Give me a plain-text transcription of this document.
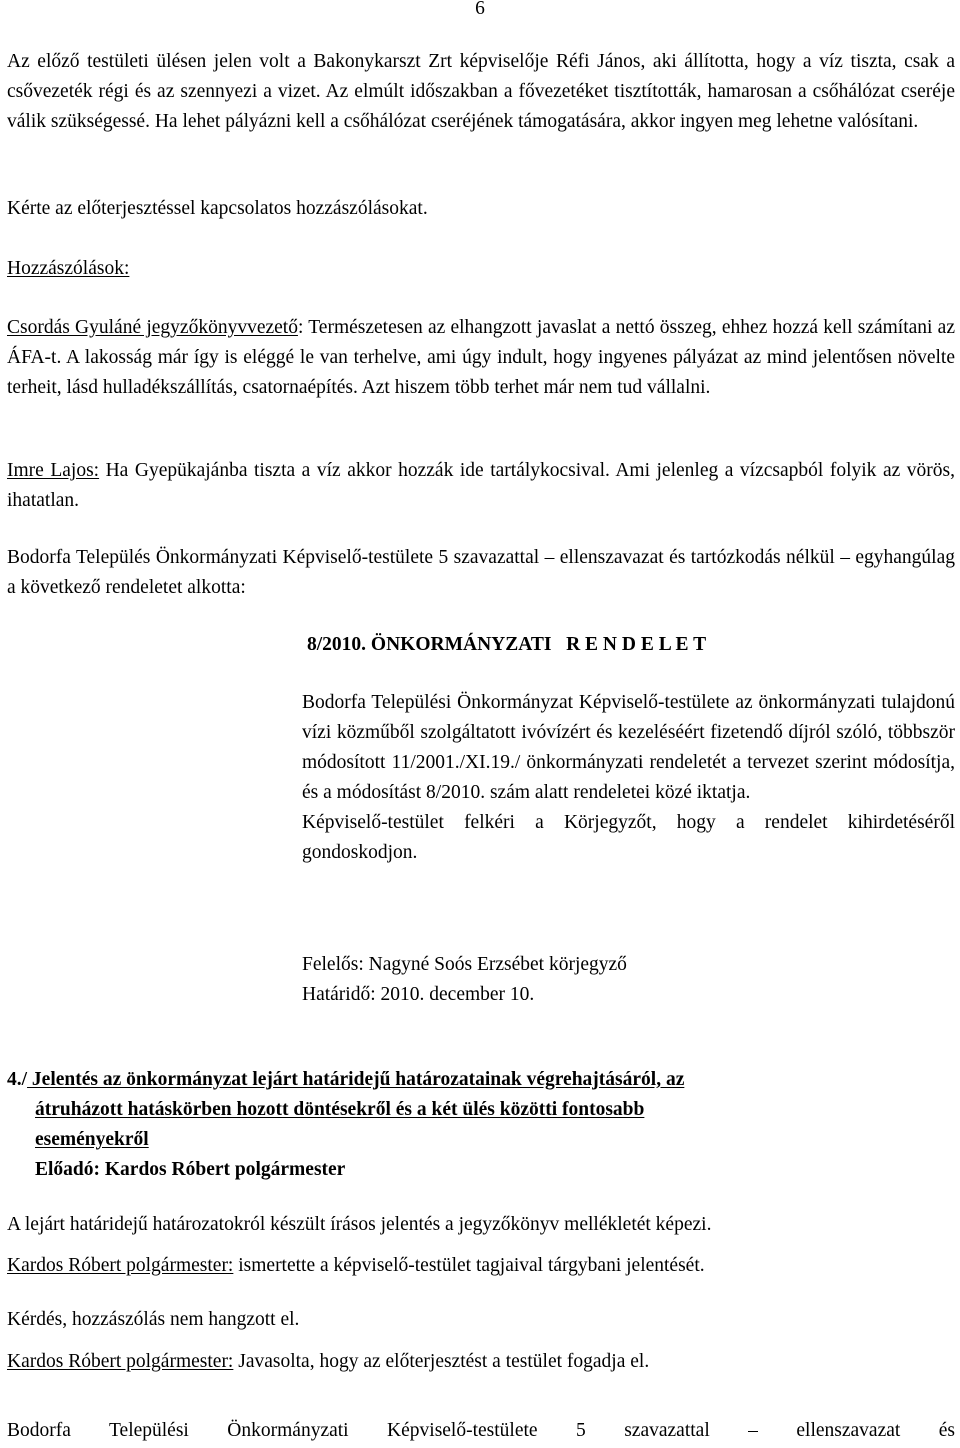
6

Az előző testületi ülésen jelen volt a Bakonykarszt Zrt képviselője Réfi János, aki állította, hogy a víz tiszta, csak a csővezeték régi és az szennyezi a vizet. Az elmúlt időszakban a fővezetéket tisztították, hamarosan a csőhálózat cseréje válik szükségessé. Ha lehet pályázni kell a csőhálózat cseréjének támogatására, akkor ingyen meg lehetne valósítani.

Kérte az előterjesztéssel kapcsolatos hozzászólásokat.

Hozzászólások:

Csordás Gyuláné jegyzőkönyvvezető: Természetesen az elhangzott javaslat a nettó összeg, ehhez hozzá kell számítani az ÁFA-t. A lakosság már így is eléggé le van terhelve, ami úgy indult, hogy ingyenes pályázat az mind jelentősen növelte terheit, lásd hulladékszállítás, csatornaépítés. Azt hiszem több terhet már nem tud vállalni.

Imre Lajos: Ha Gyepükajánba tiszta a víz akkor hozzák ide tartálykocsival. Ami jelenleg a vízcsapból folyik az vörös, ihatatlan.

Bodorfa Település Önkormányzati Képviselő-testülete 5 szavazattal – ellenszavazat és tartózkodás nélkül – egyhangúlag a következő rendeletet alkotta:

8/2010. ÖNKORMÁNYZATI   R E N D E L E T

Bodorfa Települési Önkormányzat Képviselő-testülete az önkormányzati tulajdonú vízi közműből szolgáltatott ivóvízért és kezeléséért fizetendő díjról szóló, többször módosított 11/2001./XI.19./ önkormányzati rendeletét a tervezet szerint módosítja, és a módosítást 8/2010. szám alatt rendeletei közé iktatja.

Képviselő-testület felkéri a Körjegyzőt, hogy a rendelet kihirdetéséről gondoskodjon.

Felelős: Nagyné Soós Erzsébet körjegyző
Határidő: 2010. december 10.
4./ Jelentés az önkormányzat lejárt határidejű határozatainak végrehajtásáról, az
átruházott hatáskörben hozott döntésekről és a két ülés közötti fontosabb
eseményekről
Előadó: Kardos Róbert polgármester

A lejárt határidejű határozatokról készült írásos jelentés a jegyzőkönyv mellékletét képezi.

Kardos Róbert polgármester: ismertette a képviselő-testület tagjaival tárgybani jelentését.

Kérdés, hozzászólás nem hangzott el.

Kardos Róbert polgármester: Javasolta, hogy az előterjesztést a testület fogadja el.

Bodorfa Települési Önkormányzati Képviselő-testülete 5 szavazattal – ellenszavazat és
